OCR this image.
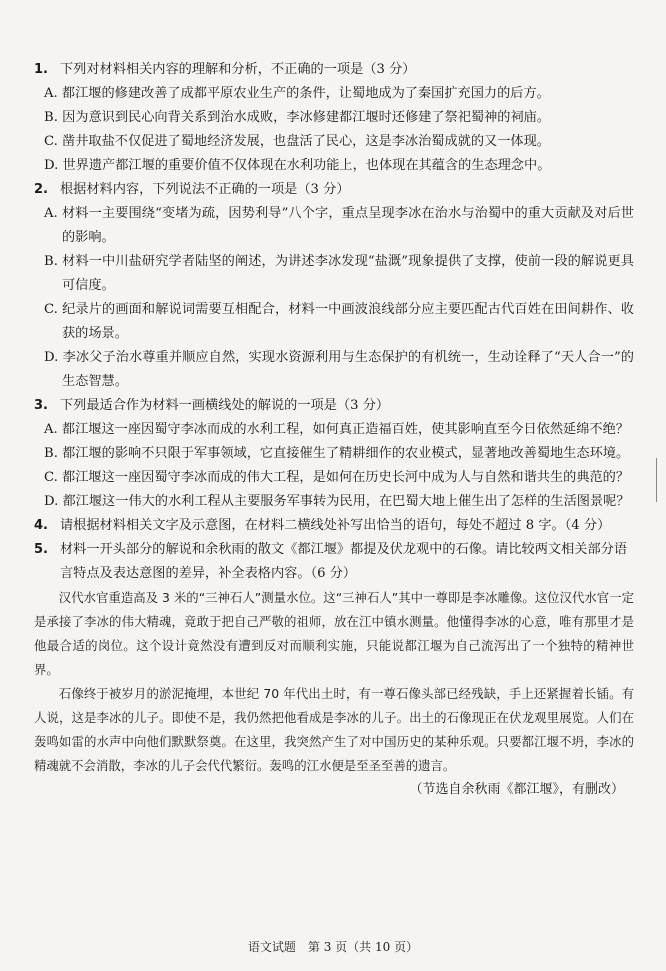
1. 下列对材料相关内容的理解和分析，不正确的一项是（3 分）
A. 都江堰的修建改善了成都平原农业生产的条件，让蜀地成为了秦国扩充国力的后方。
B. 因为意识到民心向背关系到治水成败，李冰修建都江堰时还修建了祭祀蜀神的祠庙。
C. 凿井取盐不仅促进了蜀地经济发展，也盘活了民心，这是李冰治蜀成就的又一体现。
D. 世界遗产都江堰的重要价值不仅体现在水利功能上，也体现在其蕴含的生态理念中。
2. 根据材料内容，下列说法不正确的一项是（3 分）
A. 材料一主要围绕“变堵为疏，因势利导”八个字，重点呈现李冰在治水与治蜀中的重大贡献及对后世的影响。
B. 材料一中川盐研究学者陆坚的阐述，为讲述李冰发现“盐溉”现象提供了支撑，使前一段的解说更具可信度。
C. 纪录片的画面和解说词需要互相配合，材料一中画波浪线部分应主要匹配古代百姓在田间耕作、收获的场景。
D. 李冰父子治水尊重并顺应自然，实现水资源利用与生态保护的有机统一，生动诠释了“天人合一”的生态智慧。
3. 下列最适合作为材料一画横线处的解说的一项是（3 分）
A. 都江堰这一座因蜀守李冰而成的水利工程，如何真正造福百姓，使其影响直至今日依然延绵不绝？
B. 都江堰的影响不只限于军事领域，它直接催生了精耕细作的农业模式，显著地改善蜀地生态环境。
C. 都江堰这一座因蜀守李冰而成的伟大工程，是如何在历史长河中成为人与自然和谐共生的典范的？
D. 都江堰这一伟大的水利工程从主要服务军事转为民用，在巴蜀大地上催生出了怎样的生活图景呢？
4. 请根据材料相关文字及示意图，在材料二横线处补写出恰当的语句，每处不超过 8 字。（4 分）
5. 材料一开头部分的解说和余秋雨的散文《都江堰》都提及伏龙观中的石像。请比较两文相关部分语言特点及表达意图的差异，补全表格内容。（6 分）
汉代水官重造高及 3 米的“三神石人”测量水位。这“三神石人”其中一尊即是李冰雕像。这位汉代水官一定是承接了李冰的伟大精魂，竟敢于把自己严敬的祖师，放在江中镇水测量。他懂得李冰的心意，唯有那里才是他最合适的岗位。这个设计竟然没有遭到反对而顺利实施，只能说都江堰为自己流泻出了一个独特的精神世界。
石像终于被岁月的淤泥掩埋，本世纪 70 年代出土时，有一尊石像头部已经残缺，手上还紧握着长锸。有人说，这是李冰的儿子。即使不是，我仍然把他看成是李冰的儿子。出土的石像现正在伏龙观里展览。人们在轰鸣如雷的水声中向他们默默祭奠。在这里，我突然产生了对中国历史的某种乐观。只要都江堰不坍，李冰的精魂就不会消散，李冰的儿子会代代繁衍。轰鸣的江水便是至圣至善的遗言。
（节选自余秋雨《都江堰》，有删改）
语文试题　第 3 页（共 10 页）
